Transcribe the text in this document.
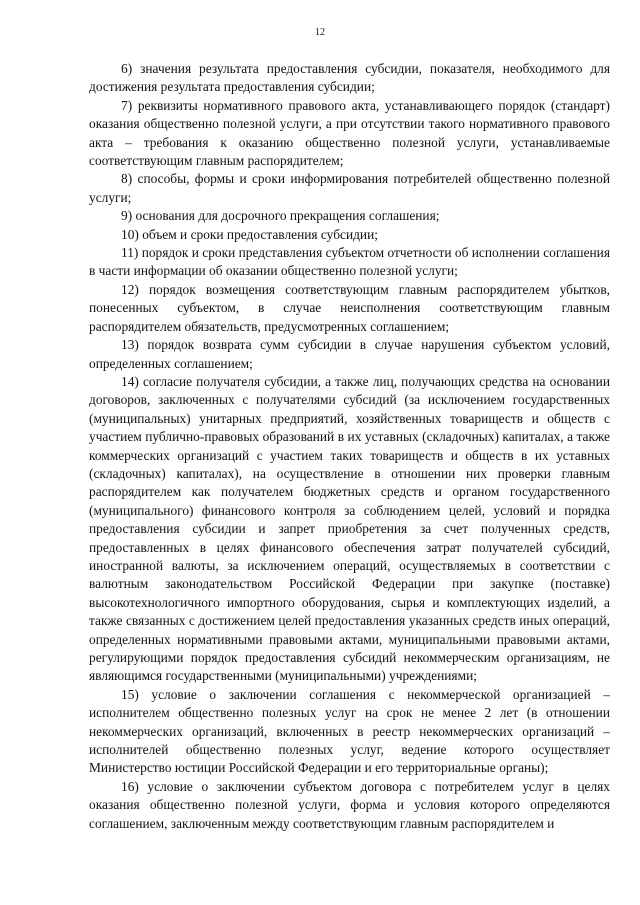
12

6) значения результата предоставления субсидии, показателя, необходимого для достижения результата предоставления субсидии;

7) реквизиты нормативного правового акта, устанавливающего порядок (стандарт) оказания общественно полезной услуги, а при отсутствии такого нормативного правового акта – требования к оказанию общественно полезной услуги, устанавливаемые соответствующим главным распорядителем;

8) способы, формы и сроки информирования потребителей общественно полезной услуги;

9) основания для досрочного прекращения соглашения;

10) объем и сроки предоставления субсидии;

11) порядок и сроки представления субъектом отчетности об исполнении соглашения в части информации об оказании общественно полезной услуги;

12) порядок возмещения соответствующим главным распорядителем убытков, понесенных субъектом, в случае неисполнения соответствующим главным распорядителем обязательств, предусмотренных соглашением;

13) порядок возврата сумм субсидии в случае нарушения субъектом условий, определенных соглашением;

14) согласие получателя субсидии, а также лиц, получающих средства на основании договоров, заключенных с получателями субсидий (за исключением государственных (муниципальных) унитарных предприятий, хозяйственных товариществ и обществ с участием публично-правовых образований в их уставных (складочных) капиталах, а также коммерческих организаций с участием таких товариществ и обществ в их уставных (складочных) капиталах), на осуществление в отношении них проверки главным распорядителем как получателем бюджетных средств и органом государственного (муниципального) финансового контроля за соблюдением целей, условий и порядка предоставления субсидии и запрет приобретения за счет полученных средств, предоставленных в целях финансового обеспечения затрат получателей субсидий, иностранной валюты, за исключением операций, осуществляемых в соответствии с валютным законодательством Российской Федерации при закупке (поставке) высокотехнологичного импортного оборудования, сырья и комплектующих изделий, а также связанных с достижением целей предоставления указанных средств иных операций, определенных нормативными правовыми актами, муниципальными правовыми актами, регулирующими порядок предоставления субсидий некоммерческим организациям, не являющимся государственными (муниципальными) учреждениями;

15) условие о заключении соглашения с некоммерческой организацией – исполнителем общественно полезных услуг на срок не менее 2 лет (в отношении некоммерческих организаций, включенных в реестр некоммерческих организаций – исполнителей общественно полезных услуг, ведение которого осуществляет Министерство юстиции Российской Федерации и его территориальные органы);

16) условие о заключении субъектом договора с потребителем услуг в целях оказания общественно полезной услуги, форма и условия которого определяются соглашением, заключенным между соответствующим главным распорядителем и
